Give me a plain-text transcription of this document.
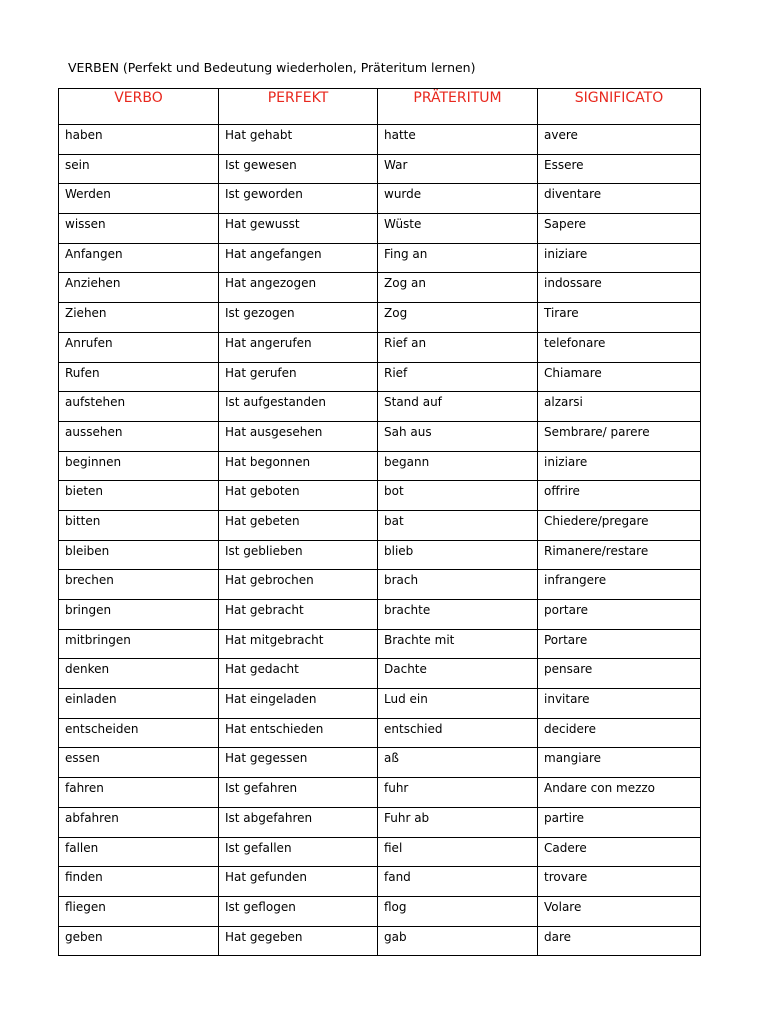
VERBEN (Perfekt und Bedeutung wiederholen, Präteritum lernen)
VERBO	PERFEKT	PRÄTERITUM	SIGNIFICATO
haben	Hat gehabt	hatte	avere
sein	Ist gewesen	War	Essere
Werden	Ist geworden	wurde	diventare
wissen	Hat gewusst	Wüste	Sapere
Anfangen	Hat angefangen	Fing an	iniziare
Anziehen	Hat angezogen	Zog an	indossare
Ziehen	Ist gezogen	Zog	Tirare
Anrufen	Hat angerufen	Rief an	telefonare
Rufen	Hat gerufen	Rief	Chiamare
aufstehen	Ist aufgestanden	Stand auf	alzarsi
aussehen	Hat ausgesehen	Sah aus	Sembrare/ parere
beginnen	Hat begonnen	begann	iniziare
bieten	Hat geboten	bot	offrire
bitten	Hat gebeten	bat	Chiedere/pregare
bleiben	Ist geblieben	blieb	Rimanere/restare
brechen	Hat gebrochen	brach	infrangere
bringen	Hat gebracht	brachte	portare
mitbringen	Hat mitgebracht	Brachte mit	Portare
denken	Hat gedacht	Dachte	pensare
einladen	Hat eingeladen	Lud ein	invitare
entscheiden	Hat entschieden	entschied	decidere
essen	Hat gegessen	aß	mangiare
fahren	Ist gefahren	fuhr	Andare con mezzo
abfahren	Ist abgefahren	Fuhr ab	partire
fallen	Ist gefallen	fiel	Cadere
finden	Hat gefunden	fand	trovare
fliegen	Ist geflogen	flog	Volare
geben	Hat gegeben	gab	dare
